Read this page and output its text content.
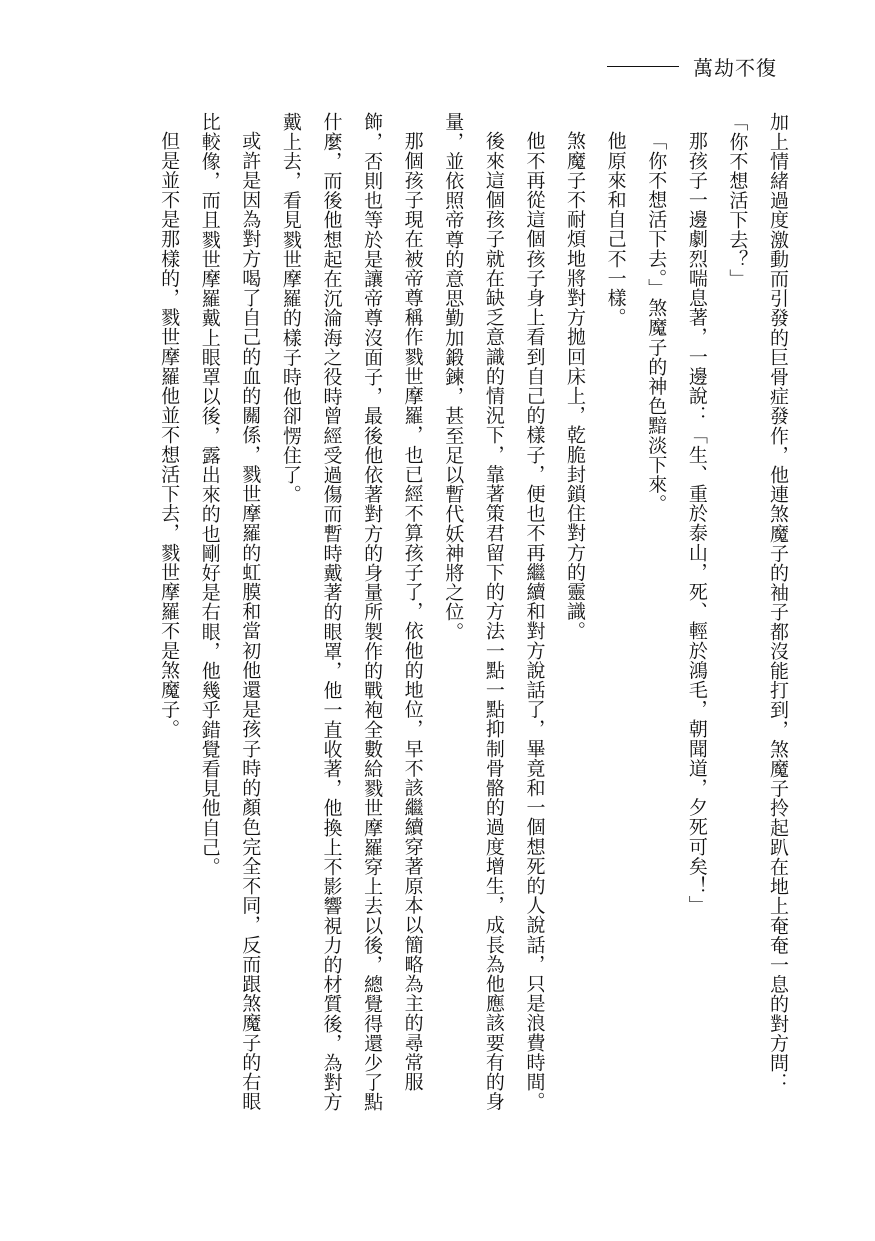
萬劫不復

加上情緒過度激動而引發的巨骨症發作，他連煞魔子的袖子都沒能打到，煞魔子拎起趴在地上奄奄一息的對方問：「你不想活下去？」

那孩子一邊劇烈喘息著，一邊說：「生、重於泰山，死、輕於鴻毛，朝聞道，夕死可矣！」

「你不想活下去。」煞魔子的神色黯淡下來。

他原來和自己不一樣。

煞魔子不耐煩地將對方拋回床上，乾脆封鎖住對方的靈識。

他不再從這個孩子身上看到自己的樣子，便也不再繼續和對方說話了，畢竟和一個想死的人說話，只是浪費時間。

後來這個孩子就在缺乏意識的情況下，靠著策君留下的方法一點一點抑制骨骼的過度增生，成長為他應該要有的身量，並依照帝尊的意思勤加鍛鍊，甚至足以暫代妖神將之位。

那個孩子現在被帝尊稱作戮世摩羅，也已經不算孩子了，依他的地位，早不該繼續穿著原本以簡略為主的尋常服飾，否則也等於是讓帝尊沒面子，最後他依著對方的身量所製作的戰袍全數給戮世摩羅穿上去以後，總覺得還少了點什麼，而後他想起在沉淪海之役時曾經受過傷而暫時戴著的眼罩，他一直收著，他換上不影響視力的材質後，為對方戴上去，看見戮世摩羅的樣子時他卻愣住了。

或許是因為對方喝了自己的血的關係，戮世摩羅的虹膜和當初他還是孩子時的顏色完全不同，反而跟煞魔子的右眼比較像，而且戮世摩羅戴上眼罩以後，露出來的也剛好是右眼，他幾乎錯覺看見他自己。

但是並不是那樣的，戮世摩羅他並不想活下去，戮世摩羅不是煞魔子。
